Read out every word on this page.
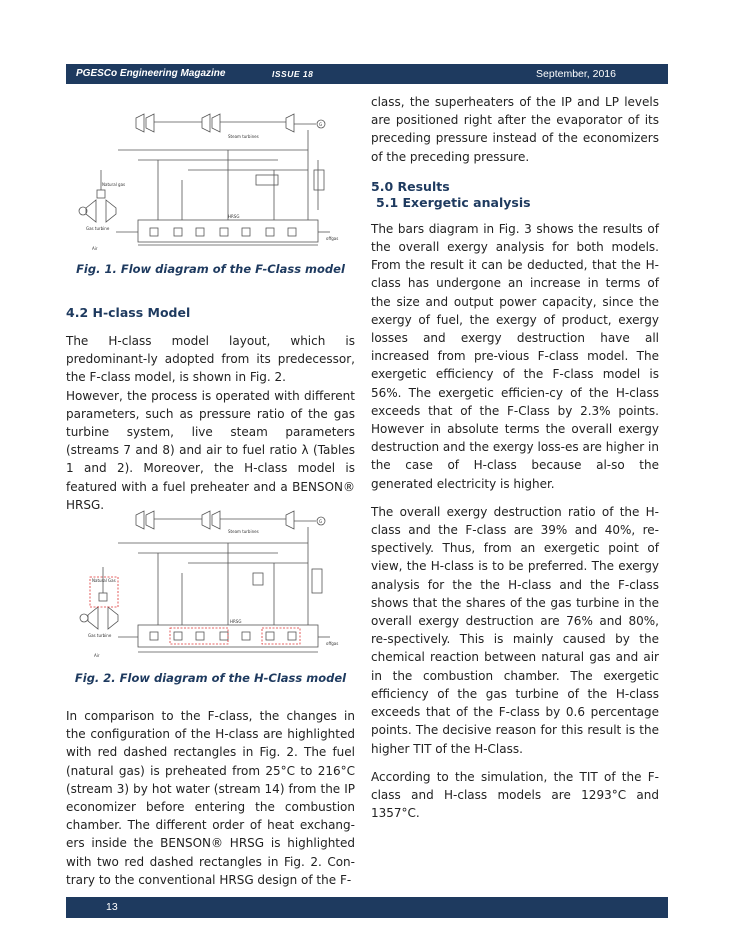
PGESCo Engineering Magazine	ISSUE 18	September, 2016
Steam turbines
Natural gas
Gas turbine
Air
HRSG
offgas
G
Fig. 1. Flow diagram of the F-Class model
Steam turbines
Natural Gas
Gas turbine
Air
HRSG
offgas
G
Fig. 2. Flow diagram of the H-Class model
4.2 H-class Model

The H-class model layout, which is predominant-ly adopted from its predecessor, the F-class model, is shown in Fig. 2.

However, the process is operated with different parameters, such as pressure ratio of the gas turbine system, live steam parameters (streams 7 and 8) and air to fuel ratio λ (Tables 1 and 2). Moreover, the H-class model is featured with a fuel preheater and a BENSON® HRSG.

In comparison to the F-class, the changes in the configuration of the H-class are highlighted with red dashed rectangles in Fig. 2. The fuel (natural gas) is preheated from 25°C to 216°C (stream 3) by hot water (stream 14) from the IP economizer before entering the combustion chamber. The different order of heat exchang-ers inside the BENSON® HRSG is highlighted with two red dashed rectangles in Fig. 2. Con-trary to the conventional HRSG design of the F-

class, the superheaters of the IP and LP levels are positioned right after the evaporator of its preceding pressure instead of the economizers of the preceding pressure.

5.0 Results
5.1 Exergetic analysis

The bars diagram in Fig. 3 shows the results of the overall exergy analysis for both models. From the result it can be deducted, that the H-class has undergone an increase in terms of the size and output power capacity, since the exergy of fuel, the exergy of product, exergy losses and exergy destruction have all increased from pre-vious F-class model. The exergetic efficiency of the F-class model is 56%. The exergetic efficien-cy of the H-class exceeds that of the F-Class by 2.3% points. However in absolute terms the overall exergy destruction and the exergy loss-es are higher in the case of H-class because al-so the generated electricity is higher.

The overall exergy destruction ratio of the H-class and the F-class are 39% and 40%, re-spectively. Thus, from an exergetic point of view, the H-class is to be preferred. The exergy analysis for the the H-class and the F-class shows that the shares of the gas turbine in the overall exergy destruction are 76% and 80%, re-spectively. This is mainly caused by the chemical reaction between natural gas and air in the combustion chamber. The exergetic efficiency of the gas turbine of the H-class exceeds that of the F-class by 0.6 percentage points. The decisive reason for this result is the higher TIT of the H-Class.

According to the simulation, the TIT of the F-class and H-class models are 1293°C and 1357°C.

13
